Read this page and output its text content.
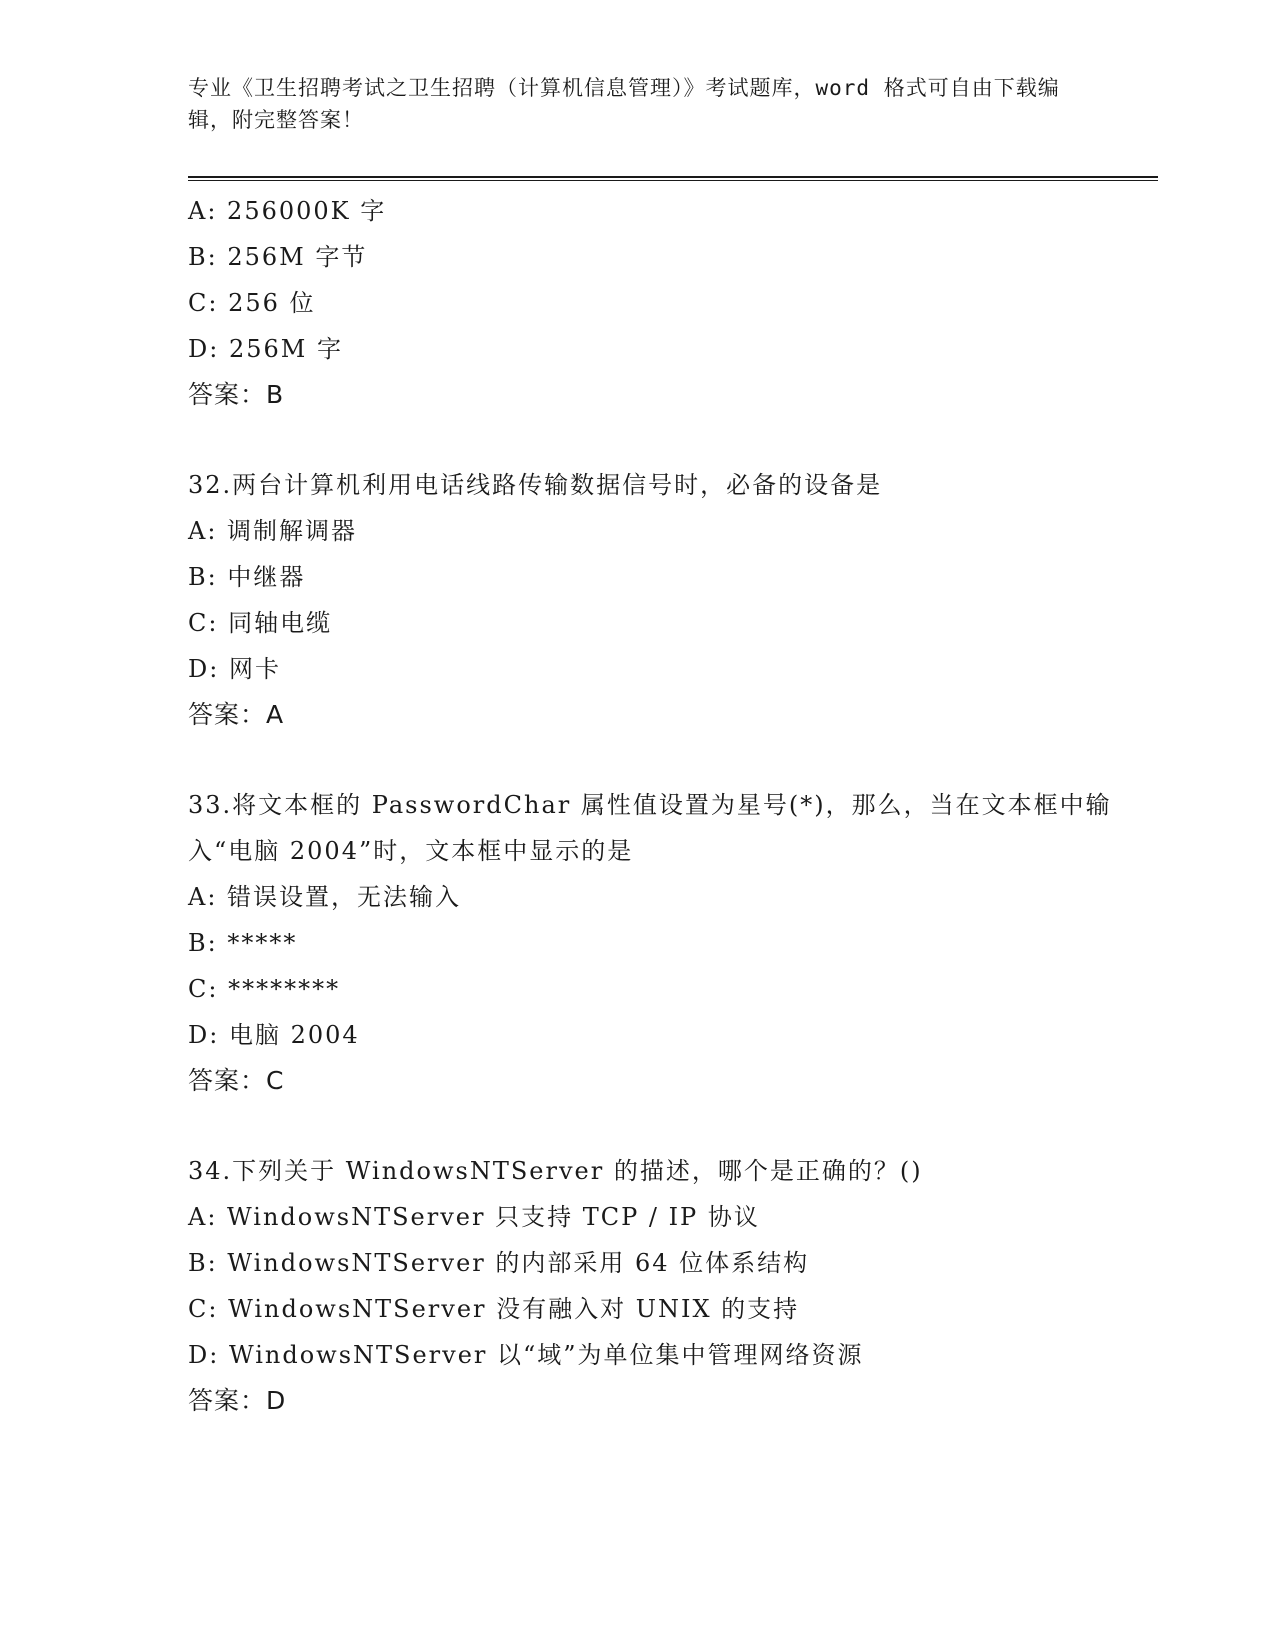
专业《卫生招聘考试之卫生招聘（计算机信息管理）》考试题库，word 格式可自由下载编辑，附完整答案！
A: 256000K 字
B: 256M 字节
C: 256 位
D: 256M 字
答案：B
32.两台计算机利用电话线路传输数据信号时，必备的设备是
A: 调制解调器
B: 中继器
C: 同轴电缆
D: 网卡
答案：A
33.将文本框的 PasswordChar 属性值设置为星号(*)，那么，当在文本框中输入“电脑 2004”时，文本框中显示的是
A: 错误设置，无法输入
B: *****
C: ********
D: 电脑 2004
答案：C
34.下列关于 WindowsNTServer 的描述，哪个是正确的？()
A: WindowsNTServer 只支持 TCP / IP 协议
B: WindowsNTServer 的内部采用 64 位体系结构
C: WindowsNTServer 没有融入对 UNIX 的支持
D: WindowsNTServer 以“域”为单位集中管理网络资源
答案：D
